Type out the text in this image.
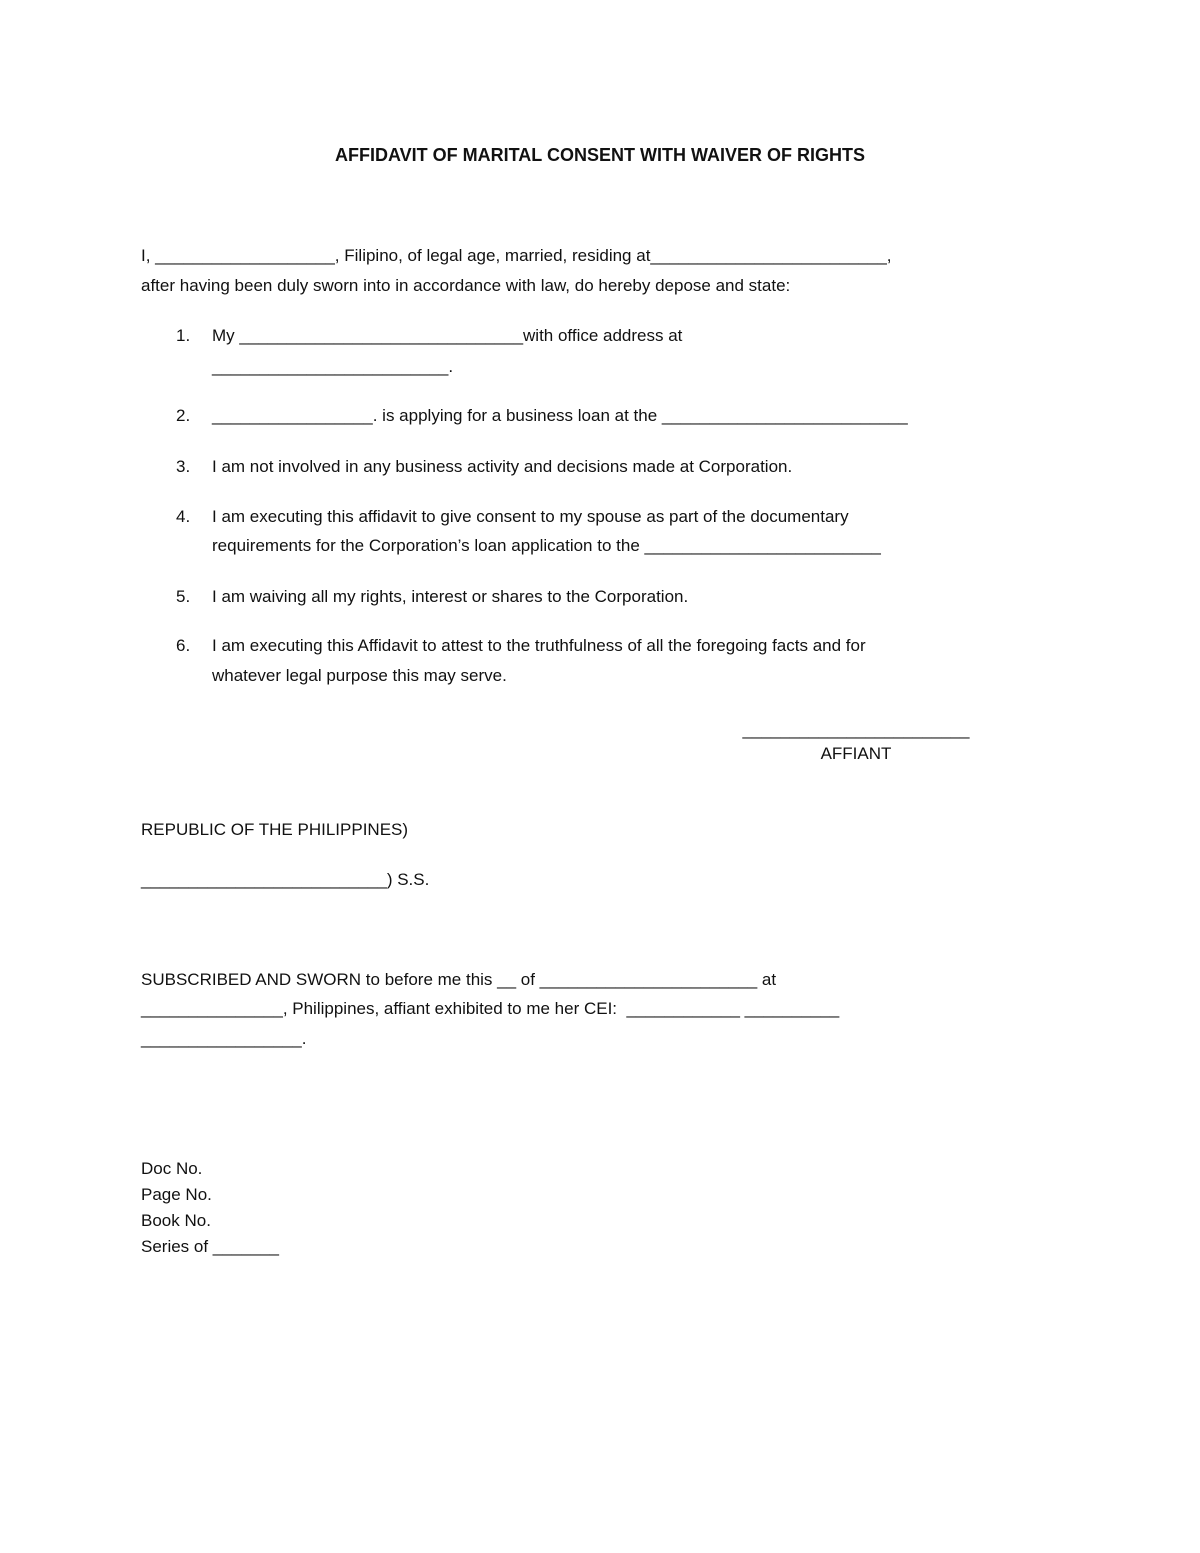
AFFIDAVIT OF MARITAL CONSENT WITH WAIVER OF RIGHTS
I, ___________________, Filipino, of legal age, married, residing at_________________________,
after having been duly sworn into in accordance with law, do hereby depose and state:
1.	My ______________________________with office address at
_________________________.
2.	_________________. is applying for a business loan at the __________________________
3.	I am not involved in any business activity and decisions made at Corporation.
4.	I am executing this affidavit to give consent to my spouse as part of the documentary
requirements for the Corporation’s loan application to the _________________________
5.	I am waiving all my rights, interest or shares to the Corporation.
6.	I am executing this Affidavit to attest to the truthfulness of all the foregoing facts and for
whatever legal purpose this may serve.
________________________
AFFIANT
REPUBLIC OF THE PHILIPPINES)
__________________________) S.S.
SUBSCRIBED AND SWORN to before me this __ of _______________________ at
_______________, Philippines, affiant exhibited to me her CEI:  ____________ __________
_________________.
Doc No.
Page No.
Book No.
Series of _______
